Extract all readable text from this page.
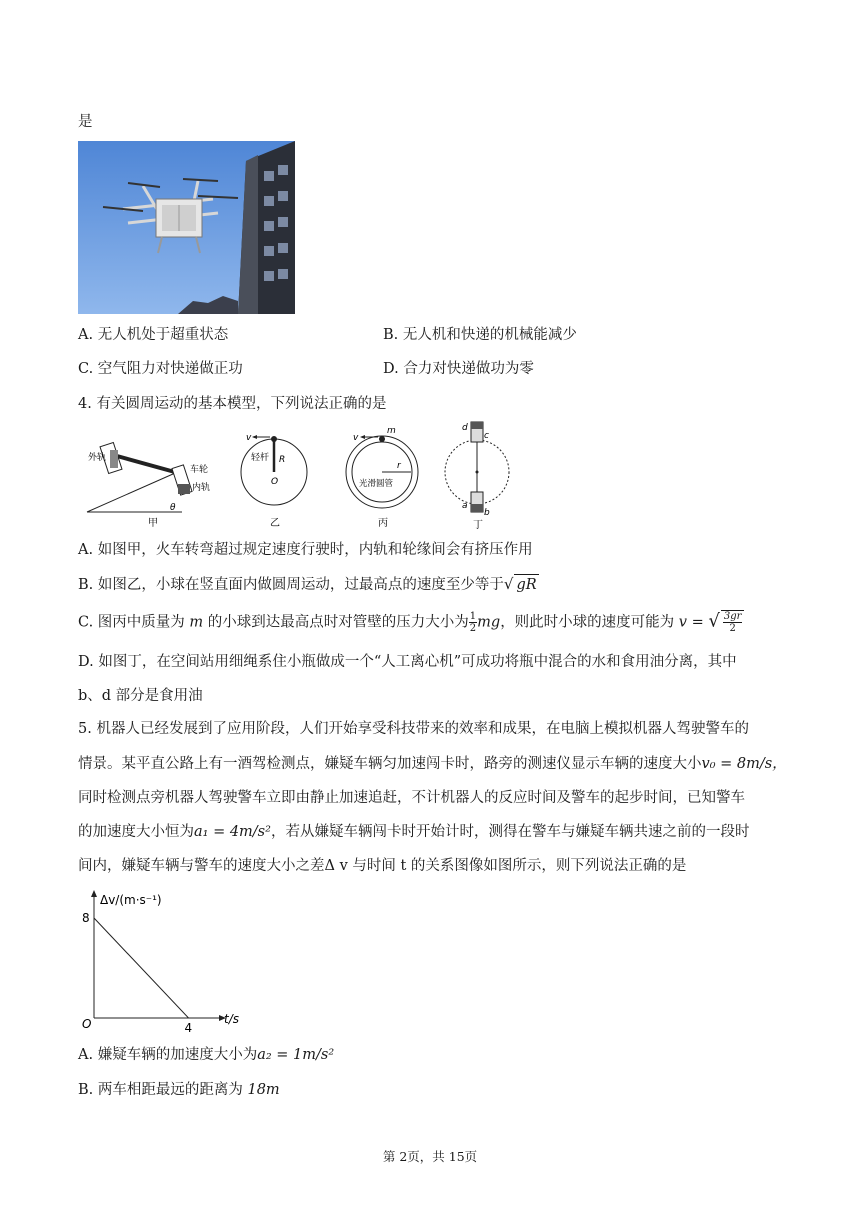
是
A. 无人机处于超重状态	B. 无人机和快递的机械能减少
C. 空气阻力对快递做正功	D. 合力对快递做功为零
4. 有关圆周运动的基本模型，下列说法正确的是
外轨
车轮
内轨
θ
甲
v
轻杆 R
O
乙
v
m
r
光滑圆管
丙
d
c
a
b
丁
A. 如图甲，火车转弯超过规定速度行驶时，内轨和轮缘间会有挤压作用
B. 如图乙，小球在竖直面内做圆周运动，过最高点的速度至少等于√ gR
C. 图丙中质量为 m 的小球到达最高点时对管壁的压力大小为 $\frac{1}{2}$ mg，则此时小球的速度可能为 v = √ $\frac{3gr}{2}$
D. 如图丁，在空间站用细绳系住小瓶做成一个“人工离心机”可成功将瓶中混合的水和食用油分离，其中
b、d 部分是食用油
5. 机器人已经发展到了应用阶段，人们开始享受科技带来的效率和成果，在电脑上模拟机器人驾驶警车的
情景。某平直公路上有一酒驾检测点，嫌疑车辆匀加速闯卡时，路旁的测速仪显示车辆的速度大小v₀ = 8m/s，
同时检测点旁机器人驾驶警车立即由静止加速追赶，不计机器人的反应时间及警车的起步时间，已知警车
的加速度大小恒为a₁ = 4m/s²，若从嫌疑车辆闯卡时开始计时，测得在警车与嫌疑车辆共速之前的一段时
间内，嫌疑车辆与警车的速度大小之差Δ v 与时间 t 的关系图像如图所示，则下列说法正确的是
Δv/(m·s⁻¹)
t/s
O
8
4
A. 嫌疑车辆的加速度大小为a₂ = 1m/s²
B. 两车相距最远的距离为 18m
第 2页，共 15页
